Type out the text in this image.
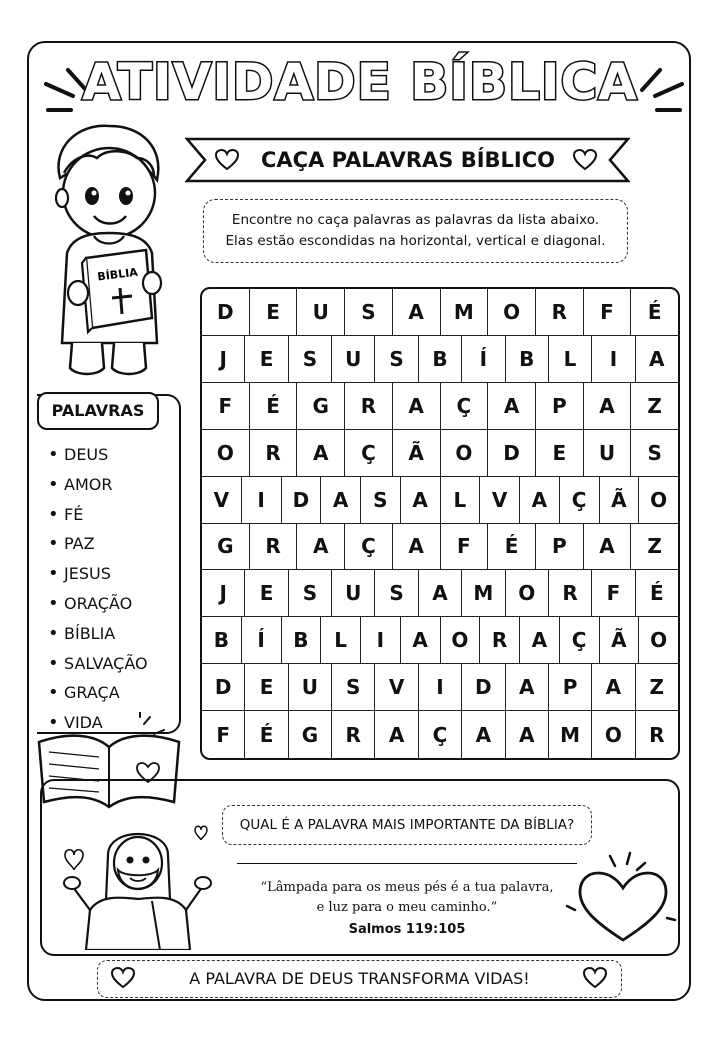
ATIVIDADE BÍBLICA
CAÇA PALAVRAS BÍBLICO
BÍBLIA
Encontre no caça palavras as palavras da lista abaixo.
Elas estão escondidas na horizontal, vertical e diagonal.
D	E	U	S	A	M	O	R	F	É
J	E	S	U	S	B	Í	B	L	I	A
F	É	G	R	A	Ç	A	P	A	Z
O	R	A	Ç	Ã	O	D	E	U	S
V	I	D	A	S	A	L	V	A	Ç	Ã	O
G	R	A	Ç	A	F	É	P	A	Z
J	E	S	U	S	A	M	O	R	F	É
B	Í	B	L	I	A	O	R	A	Ç	Ã	O
D	E	U	S	V	I	D	A	P	A	Z
F	É	G	R	A	Ç	A	A	M	O	R
PALAVRAS
• DEUS
• AMOR
• FÉ
• PAZ
• JESUS
• ORAÇÃO
• BÍBLIA
• SALVAÇÃO
• GRAÇA
• VIDA
QUAL É A PALAVRA MAIS IMPORTANTE DA BÍBLIA?
“Lâmpada para os meus pés é a tua palavra,
e luz para o meu caminho.”
Salmos 119:105
A PALAVRA DE DEUS TRANSFORMA VIDAS!
